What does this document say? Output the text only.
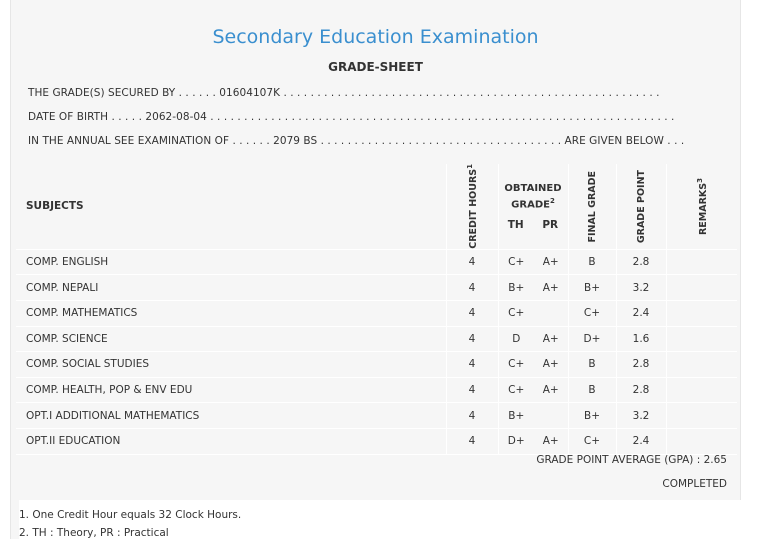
Secondary Education Examination
GRADE-SHEET
THE GRADE(S) SECURED BY . . . . . . 01604107K . . . . . . . . . . . . . . . . . . . . . . . . . . . . . . . . . . . . . . . . . . . . . . . . . . . . . . . .
DATE OF BIRTH . . . . . 2062-08-04 . . . . . . . . . . . . . . . . . . . . . . . . . . . . . . . . . . . . . . . . . . . . . . . . . . . . . . . . . . . . . . . . . . . . .
IN THE ANNUAL SEE EXAMINATION OF . . . . . . 2079 BS . . . . . . . . . . . . . . . . . . . . . . . . . . . . . . . . . . . . ARE GIVEN BELOW . . .
SUBJECTS	CREDIT HOURS$^1$	OBTAINED
GRADE$^2$
TH PR		FINAL GRADE	GRADE POINT	REMARKS$^3$

COMP. ENGLISH	4	C+	A+	B	2.8	
COMP. NEPALI	4	B+	A+	B+	3.2	
COMP. MATHEMATICS	4	C+		C+	2.4	
COMP. SCIENCE	4	D	A+	D+	1.6	
COMP. SOCIAL STUDIES	4	C+	A+	B	2.8	
COMP. HEALTH, POP & ENV EDU	4	C+	A+	B	2.8	
OPT.I ADDITIONAL MATHEMATICS	4	B+		B+	3.2	
OPT.II EDUCATION	4	D+	A+	C+	2.4	
GRADE POINT AVERAGE (GPA) : 2.65
COMPLETED
1. One Credit Hour equals 32 Clock Hours.
2. TH : Theory, PR : Practical
